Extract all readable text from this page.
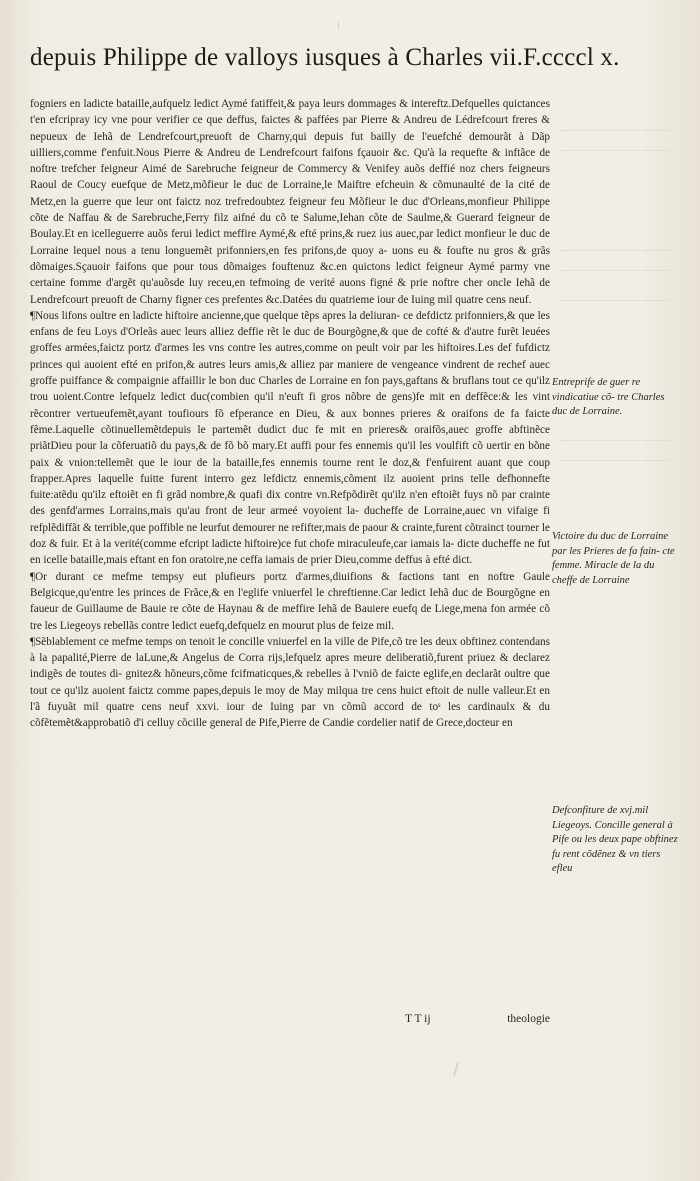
depuis Philippe de valloys iusques à Charles vii.F.ccccl x.

fogniers en ladicte bataille,aufquelz ledict Aymé fatiffeit,& paya leurs dommages & intereftz.Defquelles quictances t'en efcripray icy vne pour verifier ce que deffus, faictes & paffées par Pierre & Andreu de Lédrefcourt freres & nepueux de Iehã de Lendrefcourt,preuoft de Charny,qui depuis fut bailly de l'euefché demourãt à Dãp uilliers,comme f'enfuit.Nous Pierre & Andreu de Lendrefcourt faifons fçauoir &c. Qu'à la requefte & inftãce de noftre trefcher feigneur Aimé de Sarebruche feigneur de Commercy & Venifey auõs deffié noz chers feigneurs Raoul de Coucy euefque de Metz,mõfieur le duc de Lorraine,le Maiftre efcheuin & cõmunaulté de la cité de Metz,en la guerre que leur ont faictz noz trefredoubtez feigneur feu Mõfieur le duc d'Orleans,monfieur Philippe cõte de Naffau & de Sarebruche,Ferry filz aifné du cõ te Salume,Iehan cõte de Saulme,& Guerard feigneur de Boulay.Et en icelleguerre auõs ferui ledict meffire Aymé,& efté prins,& ruez ius auec,par ledict monfieur le duc de Lorraine lequel nous a tenu longuemẽt prifonniers,en fes prifons,de quoy a- uons eu & foufte nu gros & grãs dõmaiges.Sçauoir faifons que pour tous dõmaiges fouftenuz &c.en quictons ledict feigneur Aymé parmy vne certaine fomme d'argẽt qu'auõsde luy receu,en tefmoing de verité auons figné & prie noftre cher oncle Iehã de Lendrefcourt preuoft de Charny figner ces prefentes &c.Datées du quatrieme iour de Iuing mil quatre cens neuf.

¶Nous lifons oultre en ladicte hiftoire ancienne,que quelque tẽps apres la deliuran- ce defdictz prifonniers,& que les enfans de feu Loys d'Orleãs auec leurs alliez deffie rẽt le duc de Bourgõgne,& que de cofté & d'autre furẽt leuées groffes armées,faictz portz d'armes les vns contre les autres,comme on peult voir par les hiftoires.Les def fufdictz princes qui auoient efté en prifon,& autres leurs amis,& alliez par maniere de vengeance vindrent de rechef auec groffe puiffance & compaignie affaillir le bon duc Charles de Lorraine en fon pays,gaftans & bruflans tout ce qu'ilz trou uoient.Contre lefquelz ledict duc(combien qu'il n'euft fi gros nõbre de gens)fe mit en deffẽce:& les vint rẽcontrer vertueufemẽt,ayant toufiours fõ efperance en Dieu, & aux bonnes prieres & oraifons de fa faicte fẽme.Laquelle cõtinuellemẽtdepuis le partemẽt dudict duc fe mit en prieres& oraifõs,auec groffe abftinẽce priãtDieu pour la cõferuatiõ du pays,& de fõ bõ mary.Et auffi pour fes ennemis qu'il les voulfift cõ uertir en bõne paix & vnion:tellemẽt que le iour de la bataille,fes ennemis tourne rent le doz,& f'enfuirent auant que coup frapper.Apres laquelle fuitte furent interro gez lefdictz ennemis,cõment ilz auoient prins telle defhonnefte fuite:atẽdu qu'ilz eftoiẽt en fi grãd nombre,& quafi dix contre vn.Refpõdirẽt qu'ilz n'en eftoiẽt fuys nõ par crainte des genfd'armes Lorrains,mais qu'au front de leur armeé voyoient la- ducheffe de Lorraine,auec vn vifaige fi refplẽdiffãt & terrible,que poffible ne leurfut demourer ne refifter,mais de paour & crainte,furent cõtrainct tourner le doz & fuir. Et à la verité(comme efcript ladicte hiftoire)ce fut chofe miraculeufe,car iamais la- dicte ducheffe ne fut en icelle bataille,mais eftant en fon oratoire,ne ceffa iamais de prier Dieu,comme deffus à efté dict.

¶Or durant ce mefme tempsy eut plufieurs portz d'armes,diuifions & factions tant en noftre Gaule Belgicque,qu'entre les princes de Frãce,& en l'eglife vniuerfel le chreftienne.Car ledict Iehã duc de Bourgõgne en faueur de Guillaume de Bauie re cõte de Haynau & de meffire Iehã de Bauiere euefq de Liege,mena fon armée cõ tre les Liegeoys rebellãs contre ledict euefq,defquelz en mourut plus de feize mil.

¶Sẽblablement ce mefme temps on tenoit le concille vniuerfel en la ville de Pife,cõ tre les deux obftinez contendans à la papalité,Pierre de laLune,& Angelus de Corra rijs,lefquelz apres meure deliberatiõ,furent priuez & declarez indigẽs de toutes di- gnitez& hõneurs,cõme fcifmaticques,& rebelles à l'vniõ de faicte eglife,en declarãt oultre que tout ce qu'ilz auoient faictz comme papes,depuis le moy de May milqua tre cens huict eftoit de nulle valleur.Et en l'ã fuyuãt mil quatre cens neuf xxvi. iour de Iuing par vn cõmũ accord de toˢ les cardinaulx & du cõfẽtemẽt&approbatiõ d'i celluy cõcille general de Pife,Pierre de Candie cordelier natif de Grece,docteur en

Entreprife de guer re vindicatiue cõ- tre Charles duc de Lorraine.
Victoire du duc de Lorraine par les Prieres de fa fain- cte femme. Miracle de la du cheffe de Lorraine
Defconfiture de xvj.mil Liegeoys. Concille general à Pife ou les deux pape obftinez fu rent cõdẽnez & vn tiers efleu
T T ij	theologie
